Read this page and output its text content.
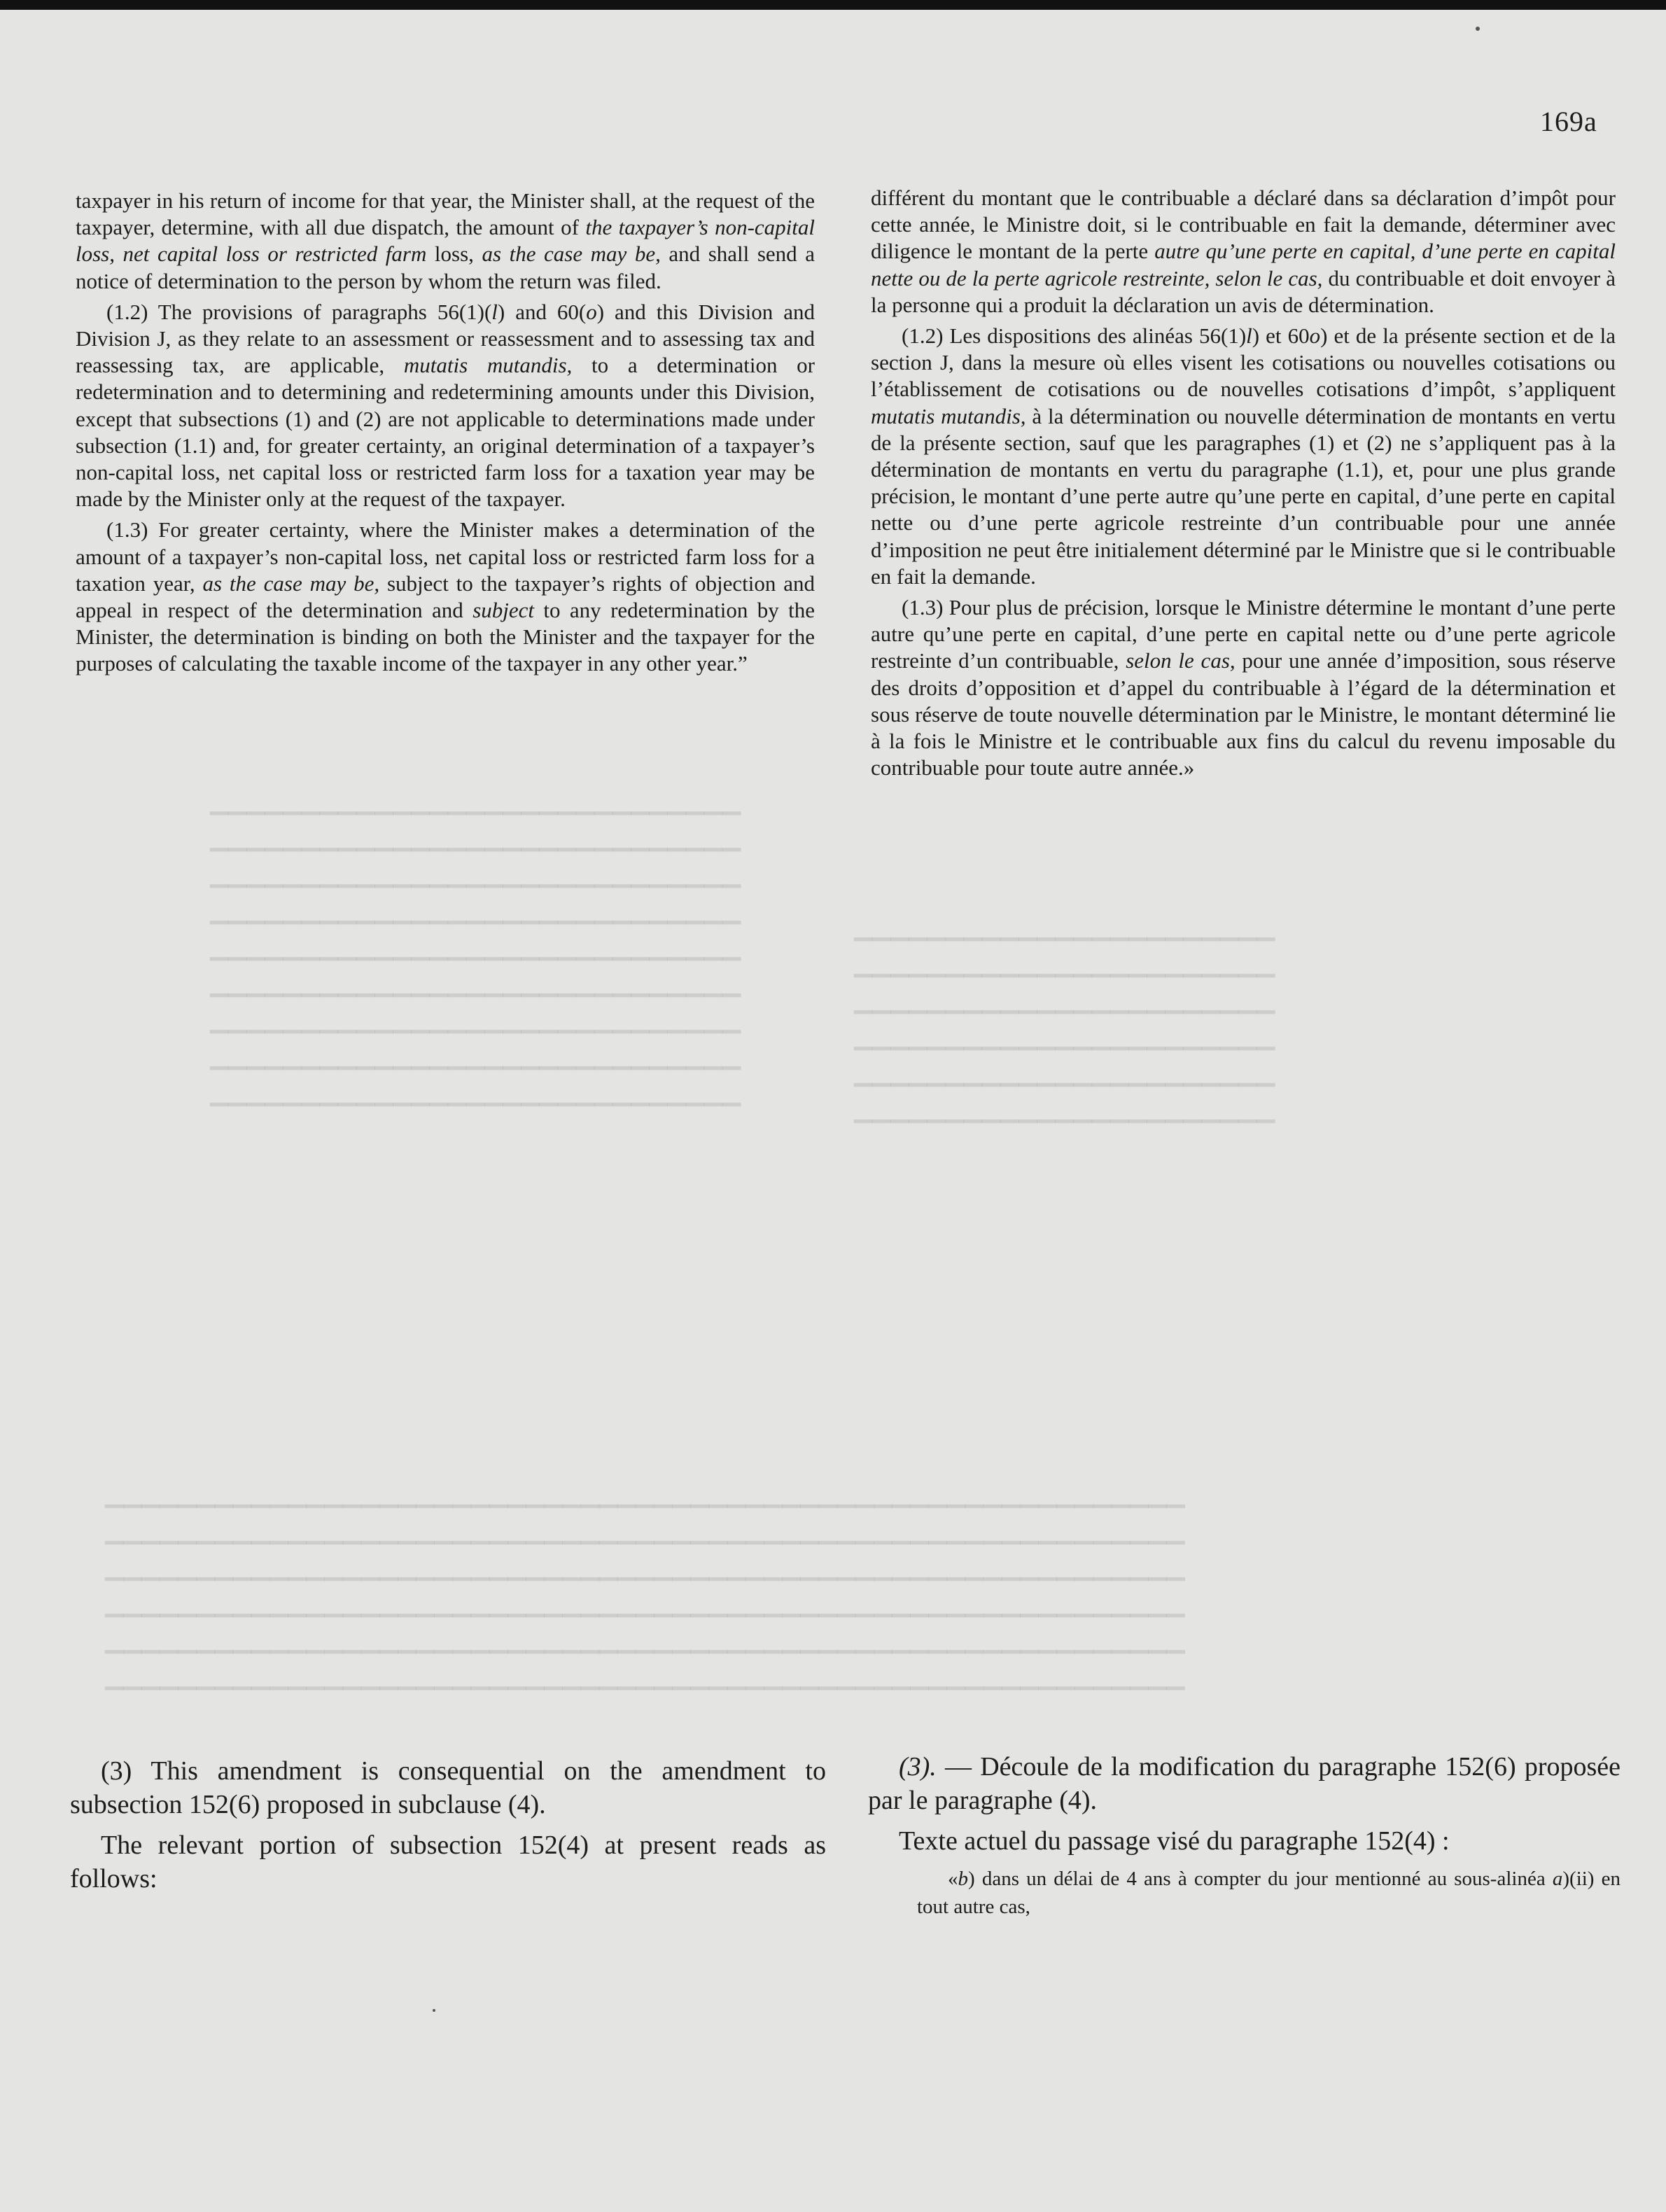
▁▁▁▁▁▁▁▁▁▁▁▁▁▁▁▁▁▁▁▁▁▁▁▁▁▁▁▁▁
▁▁▁▁▁▁▁▁▁▁▁▁▁▁▁▁▁▁▁▁▁▁▁▁▁▁▁▁▁
▁▁▁▁▁▁▁▁▁▁▁▁▁▁▁▁▁▁▁▁▁▁▁▁▁▁▁▁▁
▁▁▁▁▁▁▁▁▁▁▁▁▁▁▁▁▁▁▁▁▁▁▁▁▁▁▁▁▁
▁▁▁▁▁▁▁▁▁▁▁▁▁▁▁▁▁▁▁▁▁▁▁▁▁▁▁▁▁
▁▁▁▁▁▁▁▁▁▁▁▁▁▁▁▁▁▁▁▁▁▁▁▁▁▁▁▁▁
▁▁▁▁▁▁▁▁▁▁▁▁▁▁▁▁▁▁▁▁▁▁▁▁▁▁▁▁▁
▁▁▁▁▁▁▁▁▁▁▁▁▁▁▁▁▁▁▁▁▁▁▁▁▁▁▁▁▁
▁▁▁▁▁▁▁▁▁▁▁▁▁▁▁▁▁▁▁▁▁▁▁▁▁▁▁▁▁
▁▁▁▁▁▁▁▁▁▁▁▁▁▁▁▁▁▁▁▁▁▁▁
▁▁▁▁▁▁▁▁▁▁▁▁▁▁▁▁▁▁▁▁▁▁▁
▁▁▁▁▁▁▁▁▁▁▁▁▁▁▁▁▁▁▁▁▁▁▁
▁▁▁▁▁▁▁▁▁▁▁▁▁▁▁▁▁▁▁▁▁▁▁
▁▁▁▁▁▁▁▁▁▁▁▁▁▁▁▁▁▁▁▁▁▁▁
▁▁▁▁▁▁▁▁▁▁▁▁▁▁▁▁▁▁▁▁▁▁▁
▁▁▁▁▁▁▁▁▁▁▁▁▁▁▁▁▁▁▁▁▁▁▁▁▁▁▁▁▁▁▁▁▁▁▁▁▁▁▁▁▁▁▁▁▁▁▁▁▁▁▁▁▁▁▁▁▁▁▁
▁▁▁▁▁▁▁▁▁▁▁▁▁▁▁▁▁▁▁▁▁▁▁▁▁▁▁▁▁▁▁▁▁▁▁▁▁▁▁▁▁▁▁▁▁▁▁▁▁▁▁▁▁▁▁▁▁▁▁
▁▁▁▁▁▁▁▁▁▁▁▁▁▁▁▁▁▁▁▁▁▁▁▁▁▁▁▁▁▁▁▁▁▁▁▁▁▁▁▁▁▁▁▁▁▁▁▁▁▁▁▁▁▁▁▁▁▁▁
▁▁▁▁▁▁▁▁▁▁▁▁▁▁▁▁▁▁▁▁▁▁▁▁▁▁▁▁▁▁▁▁▁▁▁▁▁▁▁▁▁▁▁▁▁▁▁▁▁▁▁▁▁▁▁▁▁▁▁
▁▁▁▁▁▁▁▁▁▁▁▁▁▁▁▁▁▁▁▁▁▁▁▁▁▁▁▁▁▁▁▁▁▁▁▁▁▁▁▁▁▁▁▁▁▁▁▁▁▁▁▁▁▁▁▁▁▁▁
▁▁▁▁▁▁▁▁▁▁▁▁▁▁▁▁▁▁▁▁▁▁▁▁▁▁▁▁▁▁▁▁▁▁▁▁▁▁▁▁▁▁▁▁▁▁▁▁▁▁▁▁▁▁▁▁▁▁▁
169a

taxpayer in his return of income for that year, the Minister shall, at the request of the taxpayer, determine, with all due dispatch, the amount of the taxpayer’s non-capital loss, net capital loss or restricted farm loss, as the case may be, and shall send a notice of determination to the person by whom the return was filed.

(1.2) The provisions of paragraphs 56(1)(l) and 60(o) and this Division and Division J, as they relate to an assessment or reassessment and to assessing tax and reassessing tax, are applicable, mutatis mutandis, to a determination or redetermination and to determining and redetermining amounts under this Division, except that subsections (1) and (2) are not applicable to determinations made under subsection (1.1) and, for greater certainty, an original determination of a taxpayer’s non-capital loss, net capital loss or restricted farm loss for a taxation year may be made by the Minister only at the request of the taxpayer.

(1.3) For greater certainty, where the Minister makes a determination of the amount of a taxpayer’s non-capital loss, net capital loss or restricted farm loss for a taxation year, as the case may be, subject to the taxpayer’s rights of objection and appeal in respect of the determination and subject to any redetermination by the Minister, the determination is binding on both the Minister and the taxpayer for the purposes of calculating the taxable income of the taxpayer in any other year.”

différent du montant que le contribuable a déclaré dans sa déclaration d’impôt pour cette année, le Ministre doit, si le contribuable en fait la demande, déterminer avec diligence le montant de la perte autre qu’une perte en capital, d’une perte en capital nette ou de la perte agricole restreinte, selon le cas, du contribuable et doit envoyer à la personne qui a produit la déclaration un avis de détermination.

(1.2) Les dispositions des alinéas 56(1)l) et 60o) et de la présente section et de la section J, dans la mesure où elles visent les cotisations ou nouvelles cotisations ou l’établissement de cotisations ou de nouvelles cotisations d’impôt, s’appliquent mutatis mutandis, à la détermination ou nouvelle détermination de montants en vertu de la présente section, sauf que les paragraphes (1) et (2) ne s’appliquent pas à la détermination de montants en vertu du paragraphe (1.1), et, pour une plus grande précision, le montant d’une perte autre qu’une perte en capital, d’une perte en capital nette ou d’une perte agricole restreinte d’un contribuable pour une année d’imposition ne peut être initialement déterminé par le Ministre que si le contribuable en fait la demande.

(1.3) Pour plus de précision, lorsque le Ministre détermine le montant d’une perte autre qu’une perte en capital, d’une perte en capital nette ou d’une perte agricole restreinte d’un contribuable, selon le cas, pour une année d’imposition, sous réserve des droits d’opposition et d’appel du contribuable à l’égard de la détermination et sous réserve de toute nouvelle détermination par le Ministre, le montant déterminé lie à la fois le Ministre et le contribuable aux fins du calcul du revenu imposable du contribuable pour toute autre année.»

(3) This amendment is consequential on the amendment to subsection 152(6) proposed in subclause (4).

The relevant portion of subsection 152(4) at present reads as follows:

(3). — Découle de la modification du paragraphe 152(6) proposée par le paragraphe (4).

Texte actuel du passage visé du paragraphe 152(4) :

«b) dans un délai de 4 ans à compter du jour mentionné au sous-alinéa a)(ii) en tout autre cas,
